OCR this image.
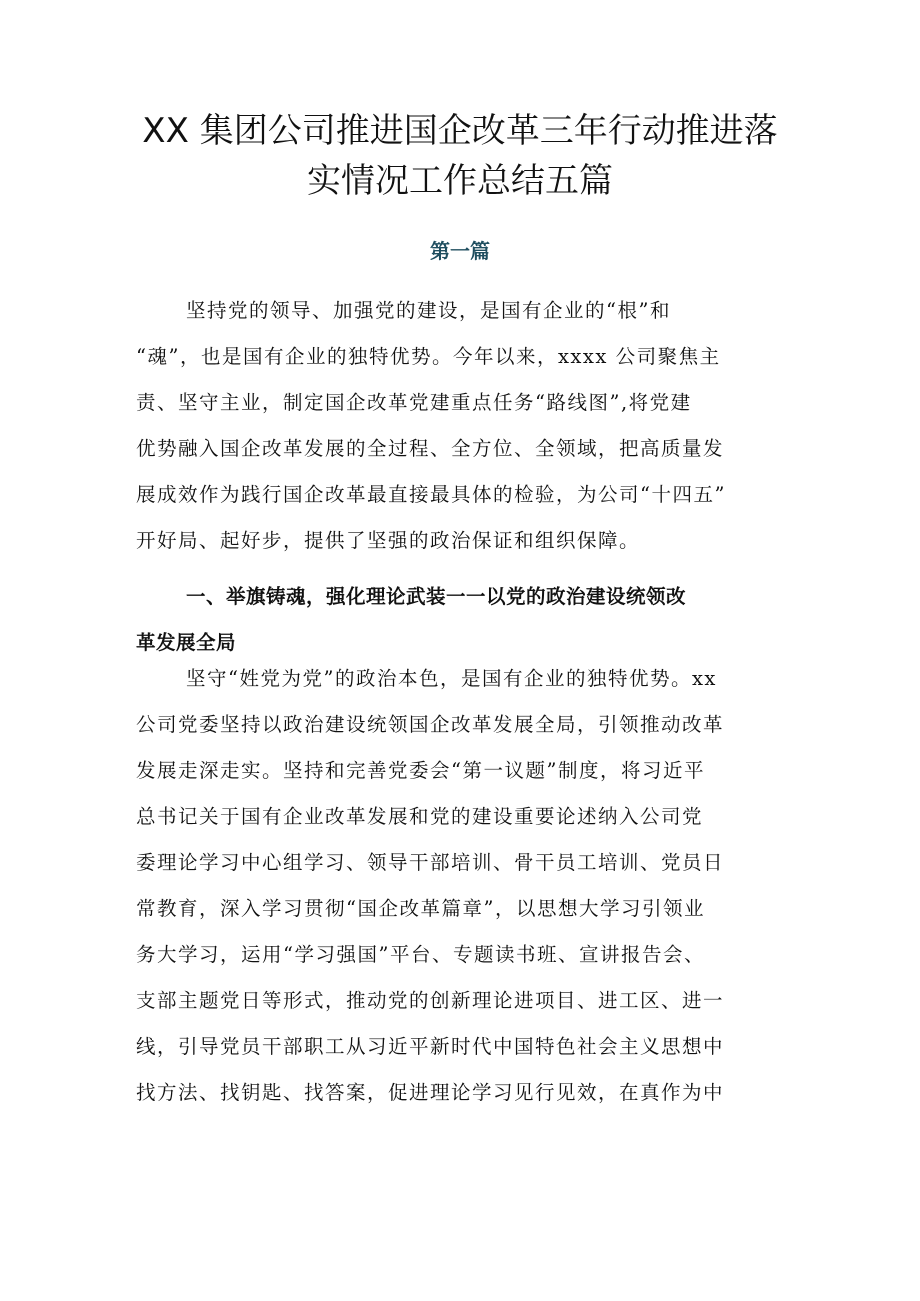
XX 集团公司推进国企改革三年行动推进落
实情况工作总结五篇
第一篇
坚持党的领导、加强党的建设，是国有企业的“根”和
“魂”，也是国有企业的独特优势。今年以来，xxxx 公司聚焦主
责、坚守主业，制定国企改革党建重点任务“路线图”,将党建
优势融入国企改革发展的全过程、全方位、全领域，把高质量发
展成效作为践行国企改革最直接最具体的检验，为公司“十四五”
开好局、起好步，提供了坚强的政治保证和组织保障。
一、举旗铸魂，强化理论武装一一以党的政治建设统领改
革发展全局
坚守“姓党为党”的政治本色，是国有企业的独特优势。xx
公司党委坚持以政治建设统领国企改革发展全局，引领推动改革
发展走深走实。坚持和完善党委会“第一议题”制度，将习近平
总书记关于国有企业改革发展和党的建设重要论述纳入公司党
委理论学习中心组学习、领导干部培训、骨干员工培训、党员日
常教育，深入学习贯彻“国企改革篇章”，以思想大学习引领业
务大学习，运用“学习强国”平台、专题读书班、宣讲报告会、
支部主题党日等形式，推动党的创新理论进项目、进工区、进一
线，引导党员干部职工从习近平新时代中国特色社会主义思想中
找方法、找钥匙、找答案，促进理论学习见行见效，在真作为中
